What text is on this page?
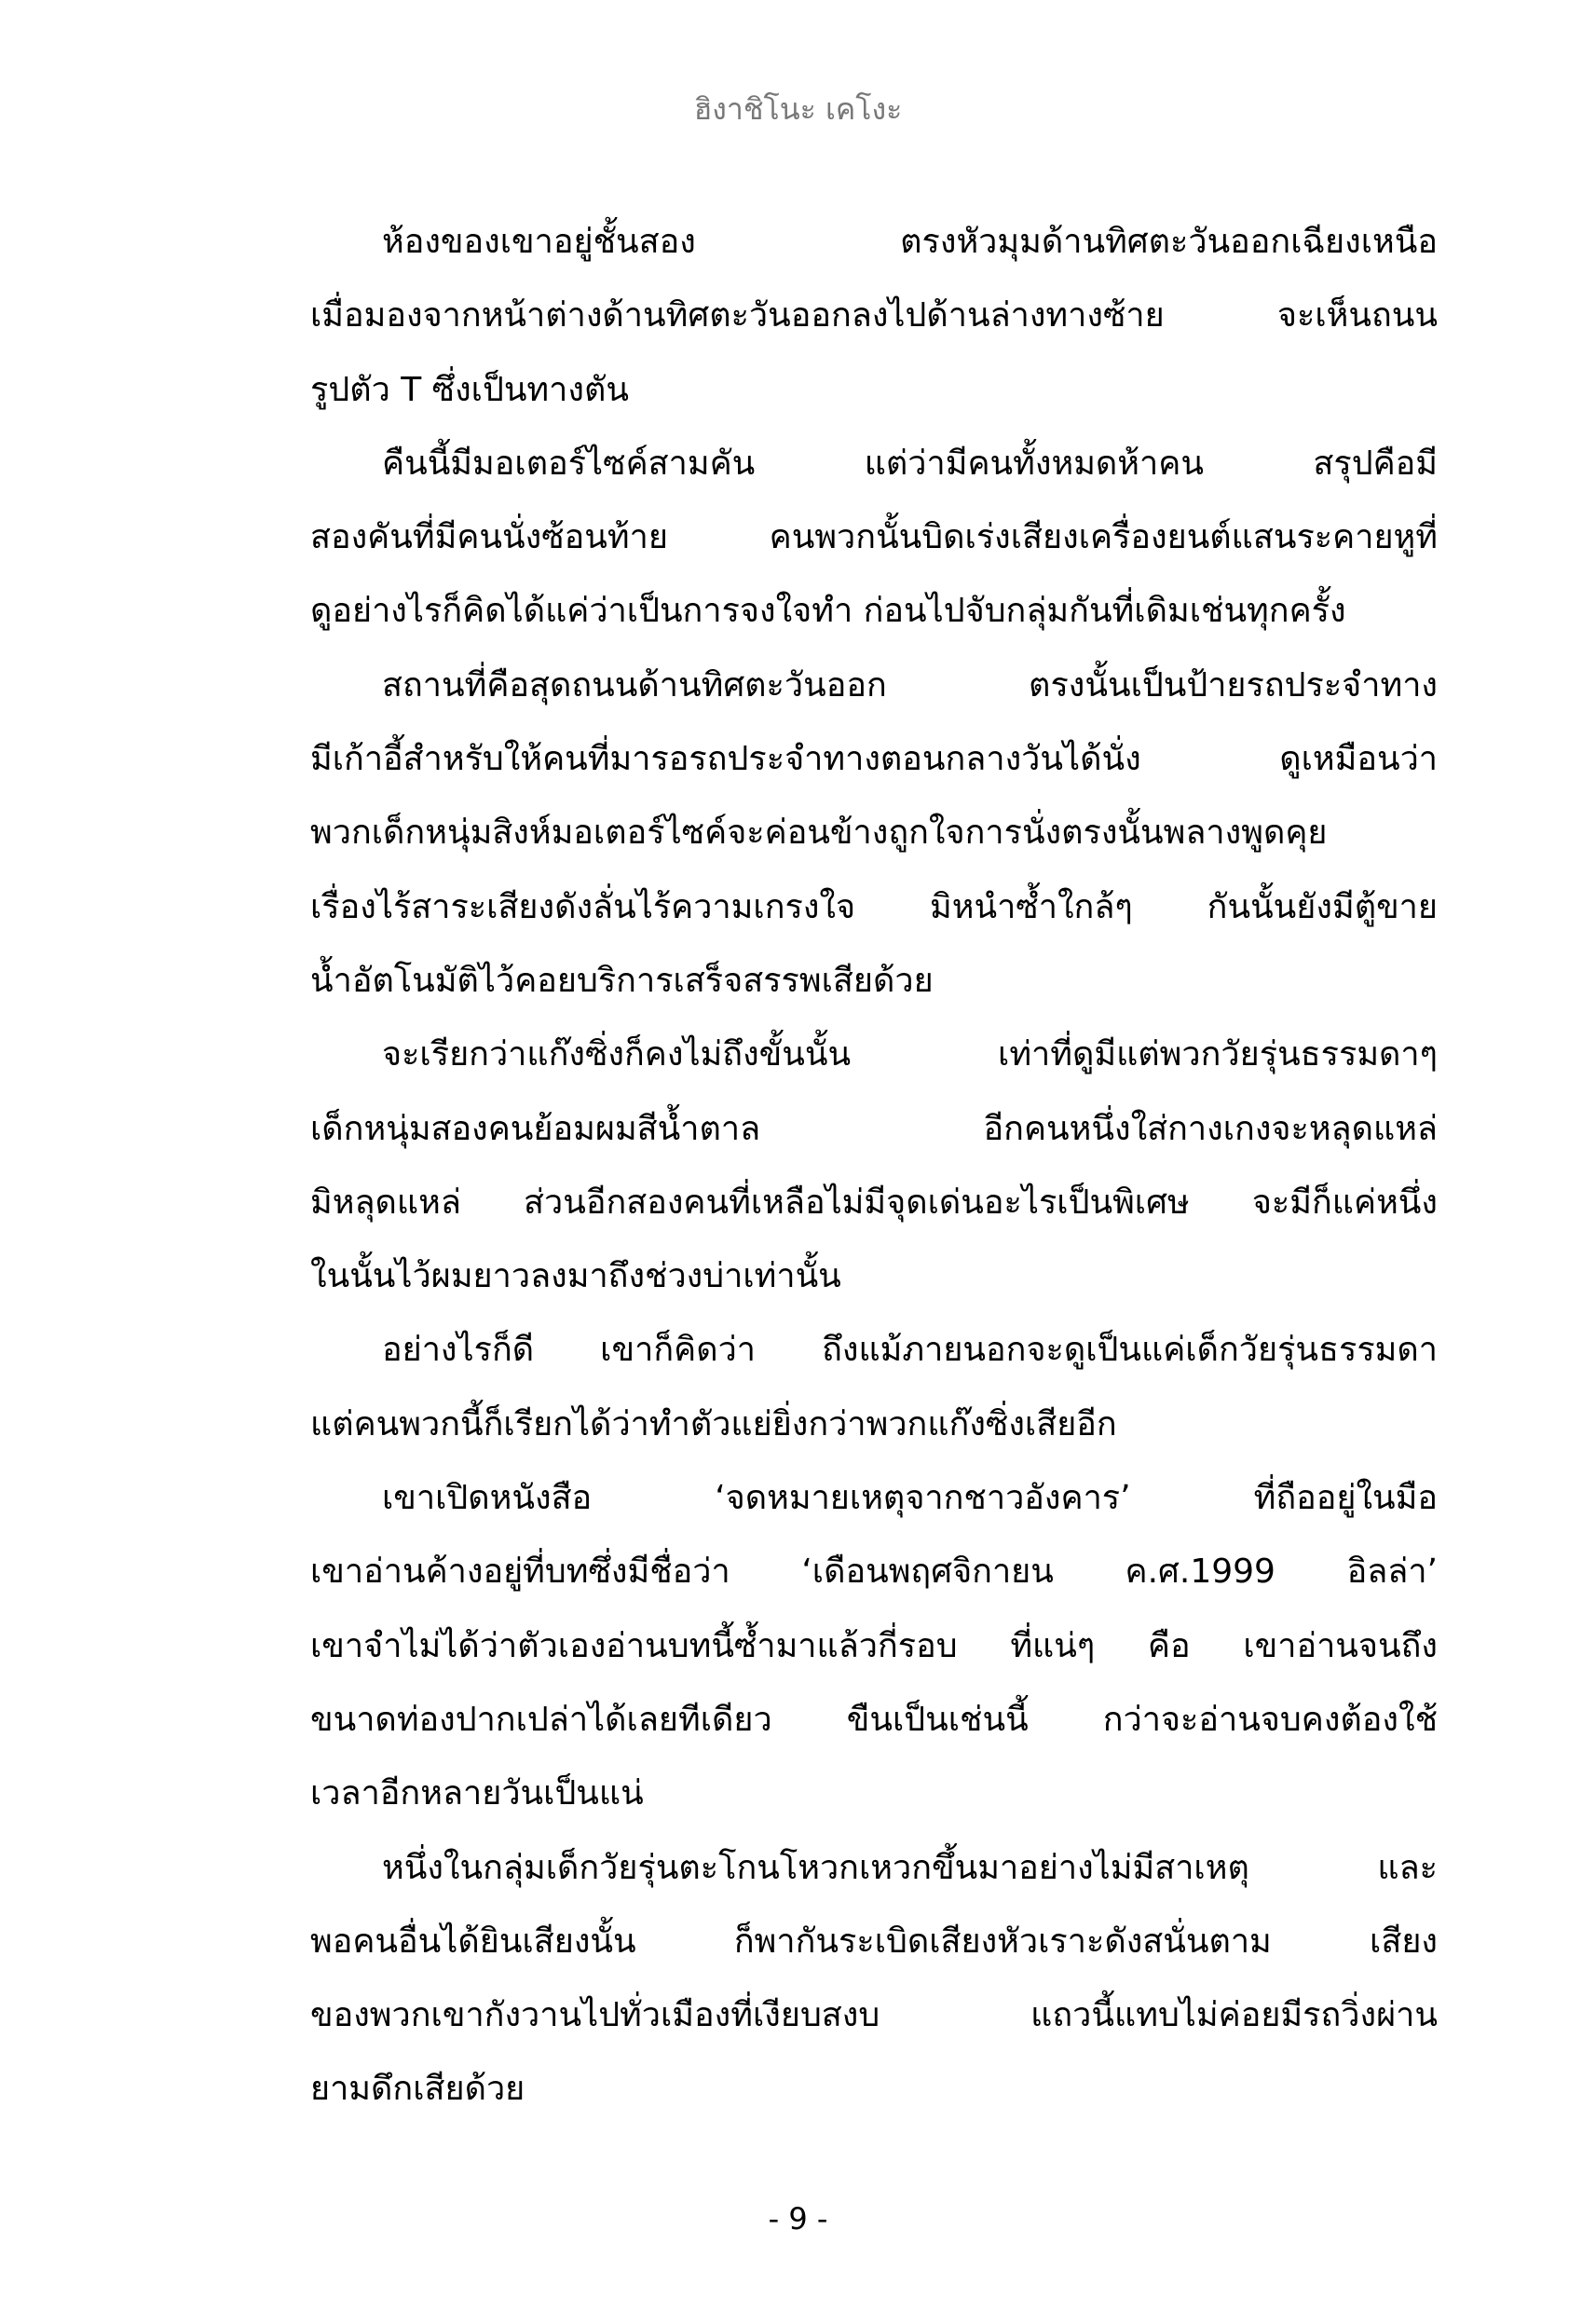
ฮิงาชิโนะ เคโงะ
ห้องของเขาอยู่ชั้นสอง ตรงหัวมุมด้านทิศตะวันออกเฉียงเหนือ
เมื่อมองจากหน้าต่างด้านทิศตะวันออกลงไปด้านล่างทางซ้าย จะเห็นถนน
รูปตัว T ซึ่งเป็นทางตัน
คืนนี้มีมอเตอร์ไซค์สามคัน แต่ว่ามีคนทั้งหมดห้าคน สรุปคือมี
สองคันที่มีคนนั่งซ้อนท้าย คนพวกนั้นบิดเร่งเสียงเครื่องยนต์แสนระคายหูที่
ดูอย่างไรก็คิดได้แค่ว่าเป็นการจงใจทำ ก่อนไปจับกลุ่มกันที่เดิมเช่นทุกครั้ง
สถานที่คือสุดถนนด้านทิศตะวันออก ตรงนั้นเป็นป้ายรถประจำทาง
มีเก้าอี้สำหรับให้คนที่มารอรถประจำทางตอนกลางวันได้นั่ง ดูเหมือนว่า
พวกเด็กหนุ่มสิงห์มอเตอร์ไซค์จะค่อนข้างถูกใจการนั่งตรงนั้นพลางพูดคุย
เรื่องไร้สาระเสียงดังลั่นไร้ความเกรงใจ มิหนำซ้ำใกล้ๆ กันนั้นยังมีตู้ขาย
น้ำอัตโนมัติไว้คอยบริการเสร็จสรรพเสียด้วย
จะเรียกว่าแก๊งซิ่งก็คงไม่ถึงขั้นนั้น เท่าที่ดูมีแต่พวกวัยรุ่นธรรมดาๆ
เด็กหนุ่มสองคนย้อมผมสีน้ำตาล อีกคนหนึ่งใส่กางเกงจะหลุดแหล่
มิหลุดแหล่ ส่วนอีกสองคนที่เหลือไม่มีจุดเด่นอะไรเป็นพิเศษ จะมีก็แค่หนึ่ง
ในนั้นไว้ผมยาวลงมาถึงช่วงบ่าเท่านั้น
อย่างไรก็ดี เขาก็คิดว่า ถึงแม้ภายนอกจะดูเป็นแค่เด็กวัยรุ่นธรรมดา
แต่คนพวกนี้ก็เรียกได้ว่าทำตัวแย่ยิ่งกว่าพวกแก๊งซิ่งเสียอีก
เขาเปิดหนังสือ ‘จดหมายเหตุจากชาวอังคาร’ ที่ถืออยู่ในมือ
เขาอ่านค้างอยู่ที่บทซึ่งมีชื่อว่า ‘เดือนพฤศจิกายน ค.ศ.1999 อิลล่า’
เขาจำไม่ได้ว่าตัวเองอ่านบทนี้ซ้ำมาแล้วกี่รอบ ที่แน่ๆ คือ เขาอ่านจนถึง
ขนาดท่องปากเปล่าได้เลยทีเดียว ขืนเป็นเช่นนี้ กว่าจะอ่านจบคงต้องใช้
เวลาอีกหลายวันเป็นแน่
หนึ่งในกลุ่มเด็กวัยรุ่นตะโกนโหวกเหวกขึ้นมาอย่างไม่มีสาเหตุ และ
พอคนอื่นได้ยินเสียงนั้น ก็พากันระเบิดเสียงหัวเราะดังสนั่นตาม เสียง
ของพวกเขากังวานไปทั่วเมืองที่เงียบสงบ แถวนี้แทบไม่ค่อยมีรถวิ่งผ่าน
ยามดึกเสียด้วย
- 9 -
